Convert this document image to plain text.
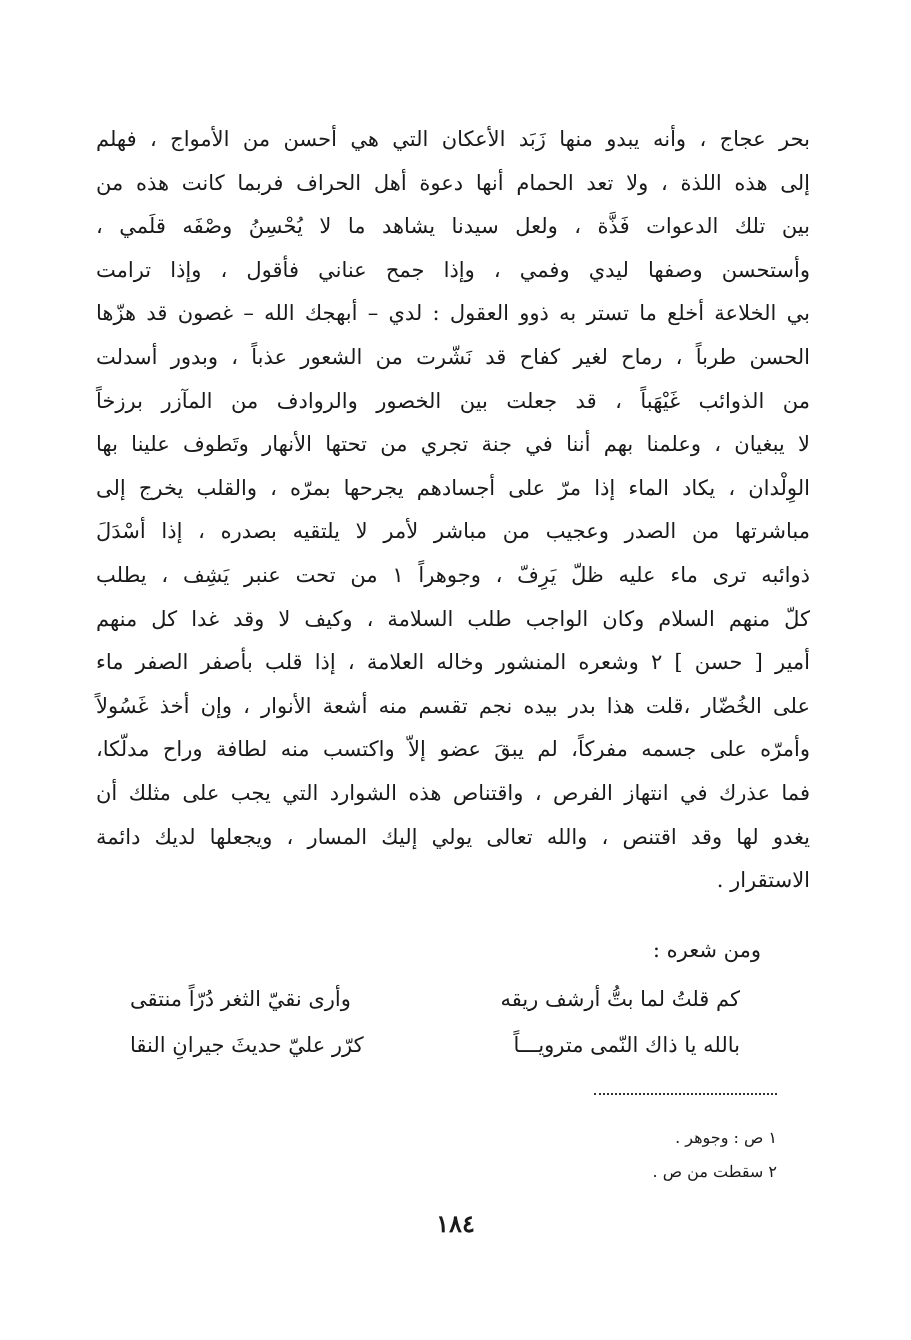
بحر عجاج ، وأنه يبدو منها زَبَد الأعكان التي هي أحسن من الأمواج ، فهلم
إلى هذه اللذة ، ولا تعد الحمام أنها دعوة أهل الحراف فربما كانت هذه من
بين تلك الدعوات فَذَّة ، ولعل سيدنا يشاهد ما لا يُحْسِنُ وصْفَه قلَمي ،
وأستحسن وصفها ليدي وفمي ، وإذا جمح عناني فأقول ، وإذا ترامت
بي الخلاعة أخلع ما تستر به ذوو العقول : لدي – أبهجك الله – غصون قد هزّها
الحسن طرباً ، رماح لغير كفاح قد نَشّرت من الشعور عذباً ، وبدور أسدلت
من الذوائب غَيْهَباً ، قد جعلت بين الخصور والروادف من المآزر برزخاً
لا يبغيان ، وعلمنا بهم أننا في جنة تجري من تحتها الأنهار وتَطوف علينا بها
الوِلْدان ، يكاد الماء إذا مرّ على أجسادهم يجرحها بمرّه ، والقلب يخرج إلى
مباشرتها من الصدر وعجيب من مباشر لأمر لا يلتقيه بصدره ، إذا أسْدَلَ
ذوائبه ترى ماء عليه ظلّ يَرِفّ ، وجوهراً ١ من تحت عنبر يَشِف ، يطلب
كلّ منهم السلام وكان الواجب طلب السلامة ، وكيف لا وقد غدا كل منهم
أمير [ حسن ] ٢ وشعره المنشور وخاله العلامة ، إذا قلب بأصفر الصفر ماء
على الخُضّار ،قلت هذا بدر بيده نجم تقسم منه أشعة الأنوار ، وإن أخذ غَسُولاً
وأمرّه على جسمه مفركاً، لم يبقَ عضو إلاّ واكتسب منه لطافة وراح مدلّكا،
فما عذرك في انتهاز الفرص ، واقتناص هذه الشوارد التي يجب على مثلك أن
يغدو لها وقد اقتنص ، والله تعالى يولي إليك المسار ، ويجعلها لديك دائمة
الاستقرار .
ومن شعره :
كم قلتُ لما بتُّ أرشف ريقه
وأرى نقيّ الثغر دُرّاً منتقى
بالله يا ذاك النّمى مترويـــاً
كرّر عليّ حديثَ جيرانِ النقا
١ ص : وجوهر .
٢ سقطت من ص .
١٨٤
